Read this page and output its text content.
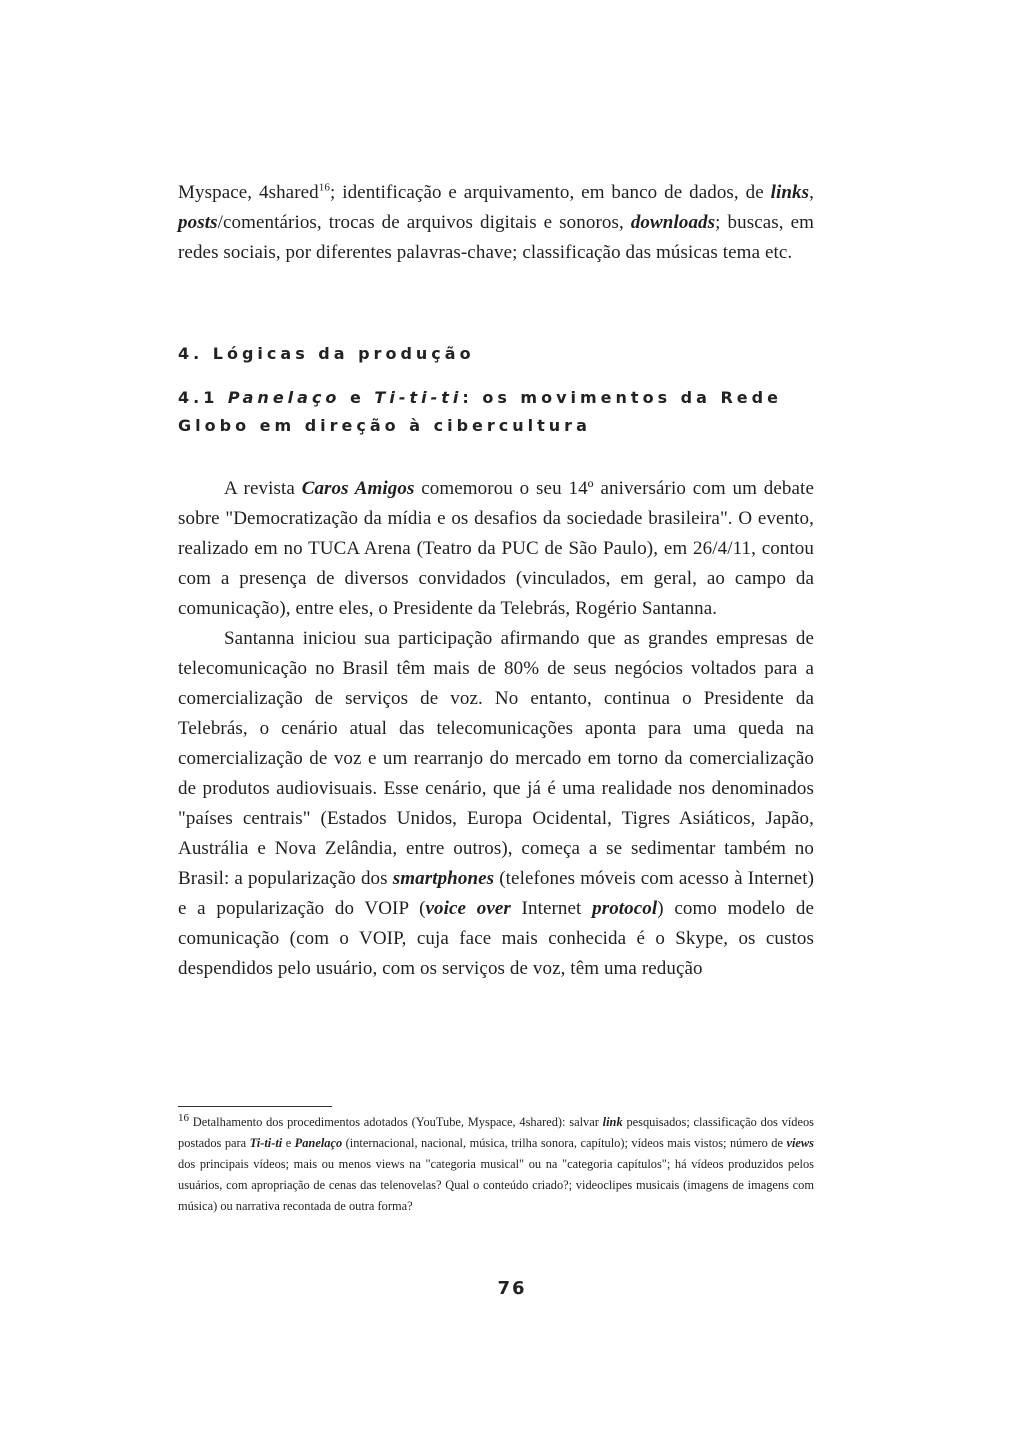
Myspace, 4shared$^{16}$; identificação e arquivamento, em banco de dados, de links, posts/comentários, trocas de arquivos digitais e sonoros, downloads; buscas, em redes sociais, por diferentes palavras-chave; classificação das músicas tema etc.

4. Lógicas da produção
4.1 Panelaço e Ti-ti-ti: os movimentos da Rede Globo em direção à cibercultura

A revista Caros Amigos comemorou o seu 14º aniversário com um debate sobre "Democratização da mídia e os desafios da sociedade brasileira". O evento, realizado em no TUCA Arena (Teatro da PUC de São Paulo), em 26/4/11, contou com a presença de diversos convidados (vinculados, em geral, ao campo da comunicação), entre eles, o Presidente da Telebrás, Rogério Santanna.

Santanna iniciou sua participação afirmando que as grandes empresas de telecomunicação no Brasil têm mais de 80% de seus negócios voltados para a comercialização de serviços de voz. No entanto, continua o Presidente da Telebrás, o cenário atual das telecomunicações aponta para uma queda na comercialização de voz e um rearranjo do mercado em torno da comercialização de produtos audiovisuais. Esse cenário, que já é uma realidade nos denominados "países centrais" (Estados Unidos, Europa Ocidental, Tigres Asiáticos, Japão, Austrália e Nova Zelândia, entre outros), começa a se sedimentar também no Brasil: a popularização dos smartphones (telefones móveis com acesso à Internet) e a popularização do VOIP (voice over Internet protocol) como modelo de comunicação (com o VOIP, cuja face mais conhecida é o Skype, os custos despendidos pelo usuário, com os serviços de voz, têm uma redução

$^{16}$ Detalhamento dos procedimentos adotados (YouTube, Myspace, 4shared): salvar link pesquisados; classificação dos vídeos postados para Ti-ti-ti e Panelaço (internacional, nacional, música, trilha sonora, capítulo); vídeos mais vistos; número de views dos principais vídeos; mais ou menos views na "categoria musical" ou na "categoria capítulos"; há vídeos produzidos pelos usuários, com apropriação de cenas das telenovelas? Qual o conteúdo criado?; videoclipes musicais (imagens de imagens com música) ou narrativa recontada de outra forma?

76
